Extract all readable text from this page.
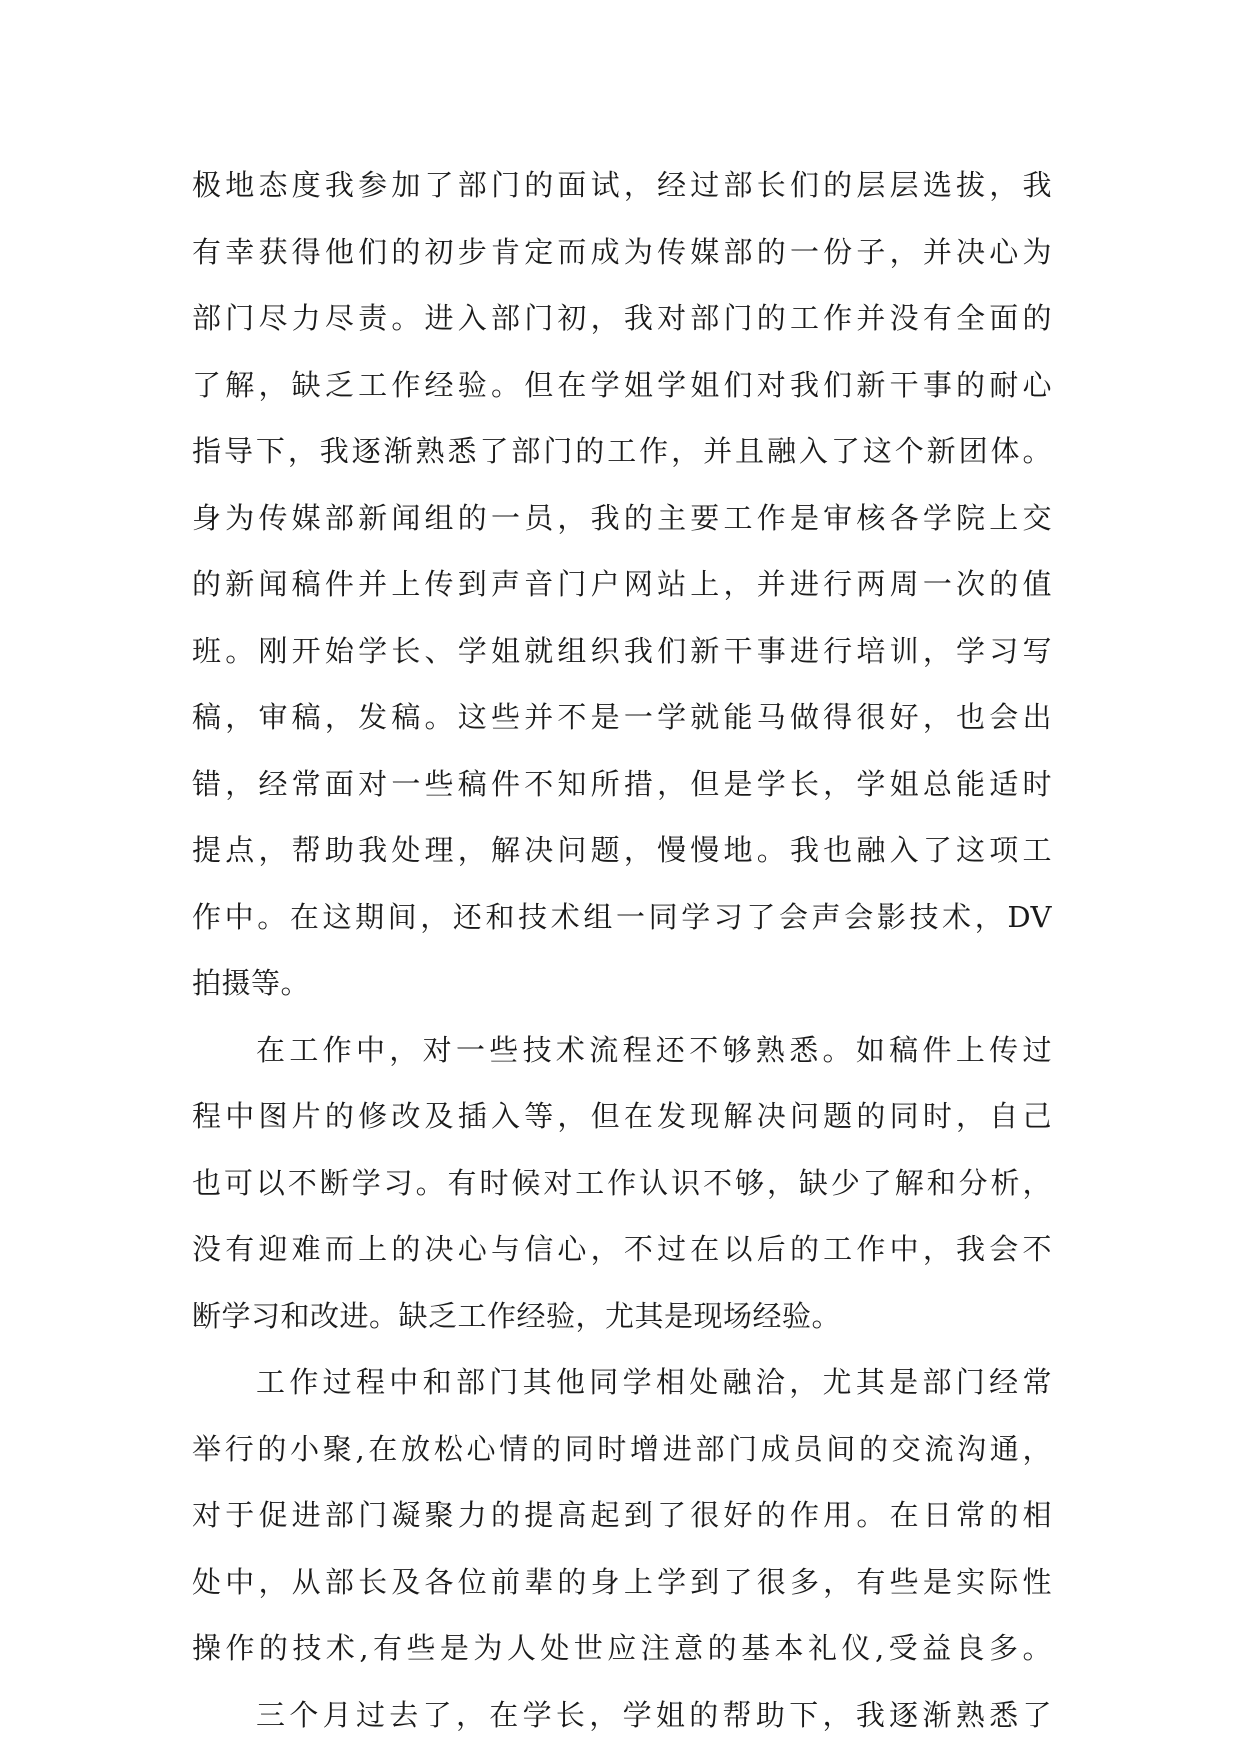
极地态度我参加了部门的面试，经过部长们的层层选拔，我
有幸获得他们的初步肯定而成为传媒部的一份子，并决心为
部门尽力尽责。进入部门初，我对部门的工作并没有全面的
了解，缺乏工作经验。但在学姐学姐们对我们新干事的耐心
指导下，我逐渐熟悉了部门的工作，并且融入了这个新团体。
身为传媒部新闻组的一员，我的主要工作是审核各学院上交
的新闻稿件并上传到声音门户网站上，并进行两周一次的值
班。刚开始学长、学姐就组织我们新干事进行培训，学习写
稿，审稿，发稿。这些并不是一学就能马做得很好，也会出
错，经常面对一些稿件不知所措，但是学长，学姐总能适时
提点，帮助我处理，解决问题，慢慢地。我也融入了这项工
作中。在这期间，还和技术组一同学习了会声会影技术，DV
拍摄等。
在工作中，对一些技术流程还不够熟悉。如稿件上传过
程中图片的修改及插入等，但在发现解决问题的同时，自己
也可以不断学习。有时候对工作认识不够，缺少了解和分析，
没有迎难而上的决心与信心，不过在以后的工作中，我会不
断学习和改进。缺乏工作经验，尤其是现场经验。
工作过程中和部门其他同学相处融洽，尤其是部门经常
举行的小聚,在放松心情的同时增进部门成员间的交流沟通，
对于促进部门凝聚力的提高起到了很好的作用。在日常的相
处中，从部长及各位前辈的身上学到了很多，有些是实际性
操作的技术,有些是为人处世应注意的基本礼仪,受益良多。
三个月过去了，在学长，学姐的帮助下，我逐渐熟悉了
